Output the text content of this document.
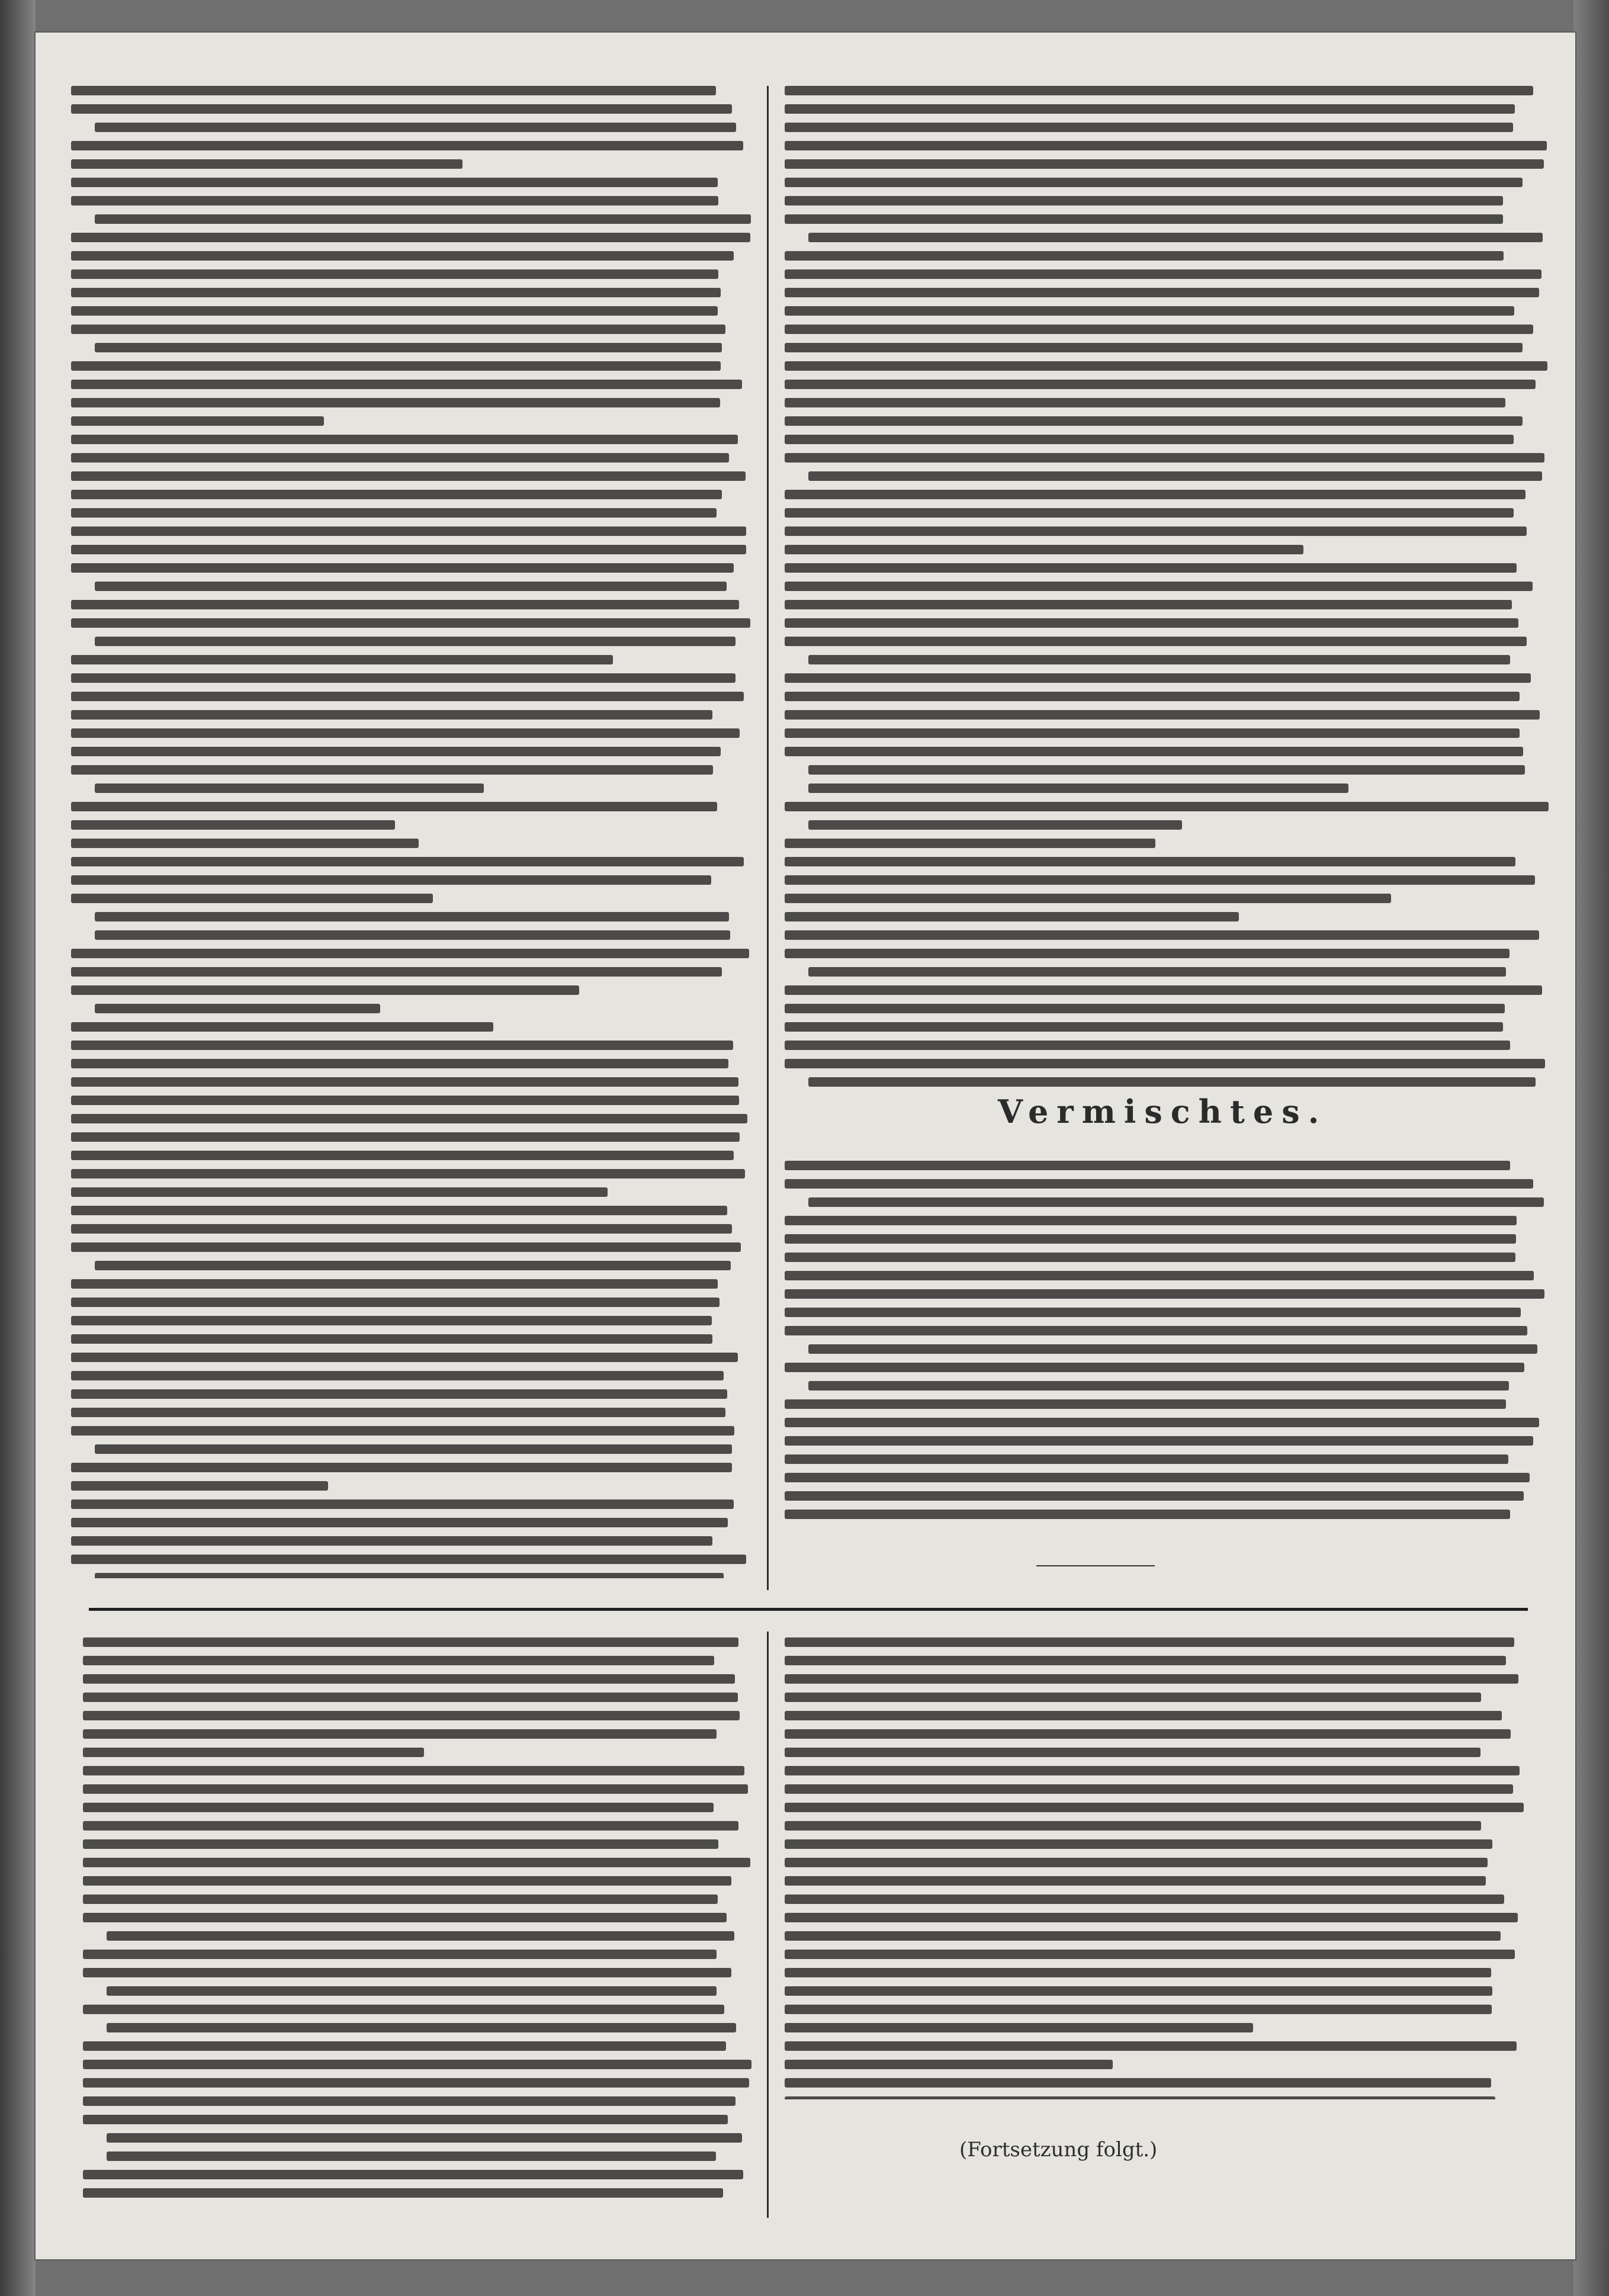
Vermischtes.
(Fortsetzung folgt.)
